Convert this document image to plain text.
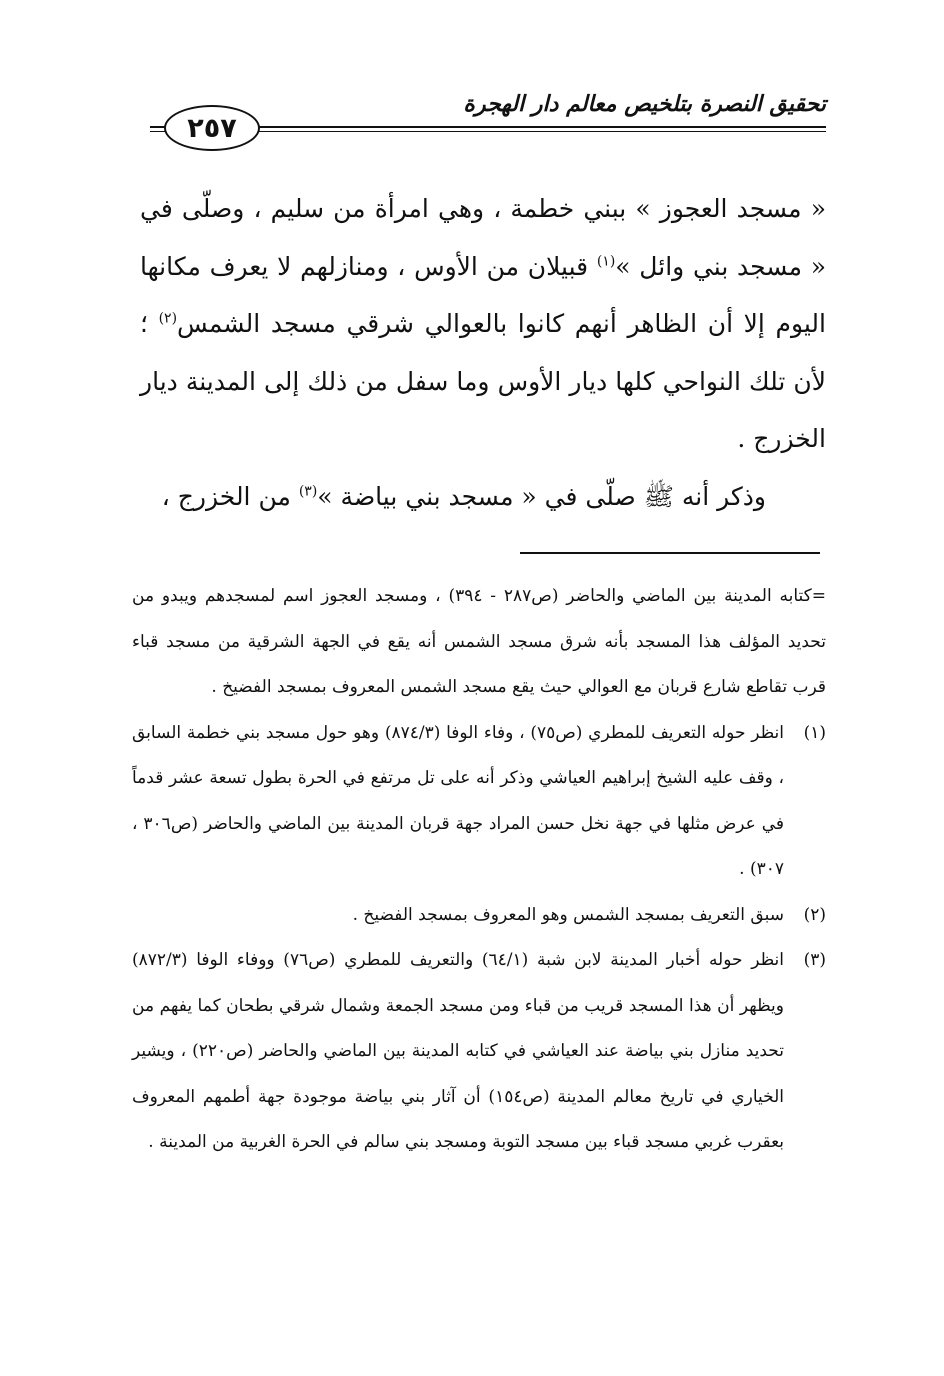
٢٥٧
تحقيق النصرة بتلخيص معالم دار الهجرة

« مسجد العجوز » ببني خطمة ، وهي امرأة من سليم ، وصلّى في « مسجد بني وائل »$^{(١)}$ قبيلان من الأوس ، ومنازلهم لا يعرف مكانها اليوم إلا أن الظاهر أنهم كانوا بالعوالي شرقي مسجد الشمس$^{(٢)}$ ؛ لأن تلك النواحي كلها ديار الأوس وما سفل من ذلك إلى المدينة ديار الخزرج .

وذكر أنه ﷺ صلّى في « مسجد بني بياضة »$^{(٣)}$ من الخزرج ،

=كتابه المدينة بين الماضي والحاضر (ص٢٨٧ - ٣٩٤) ، ومسجد العجوز اسم لمسجدهم ويبدو من تحديد المؤلف هذا المسجد بأنه شرق مسجد الشمس أنه يقع في الجهة الشرقية من مسجد قباء قرب تقاطع شارع قربان مع العوالي حيث يقع مسجد الشمس المعروف بمسجد الفضيخ .

(١)
انظر حوله التعريف للمطري (ص٧٥) ، وفاء الوفا (٨٧٤/٣) وهو حول مسجد بني خطمة السابق ، وقف عليه الشيخ إبراهيم العياشي وذكر أنه على تل مرتفع في الحرة بطول تسعة عشر قدماً في عرض مثلها في جهة نخل حسن المراد جهة قربان المدينة بين الماضي والحاضر (ص٣٠٦ ، ٣٠٧) .
(٢)
سبق التعريف بمسجد الشمس وهو المعروف بمسجد الفضيخ .
(٣)
انظر حوله أخبار المدينة لابن شبة (٦٤/١) والتعريف للمطري (ص٧٦) ووفاء الوفا (٨٧٢/٣) ويظهر أن هذا المسجد قريب من قباء ومن مسجد الجمعة وشمال شرقي بطحان كما يفهم من تحديد منازل بني بياضة عند العياشي في كتابه المدينة بين الماضي والحاضر (ص٢٢٠) ، ويشير الخياري في تاريخ معالم المدينة (ص١٥٤) أن آثار بني بياضة موجودة جهة أطمهم المعروف بعقرب غربي مسجد قباء بين مسجد التوبة ومسجد بني سالم في الحرة الغربية من المدينة .
